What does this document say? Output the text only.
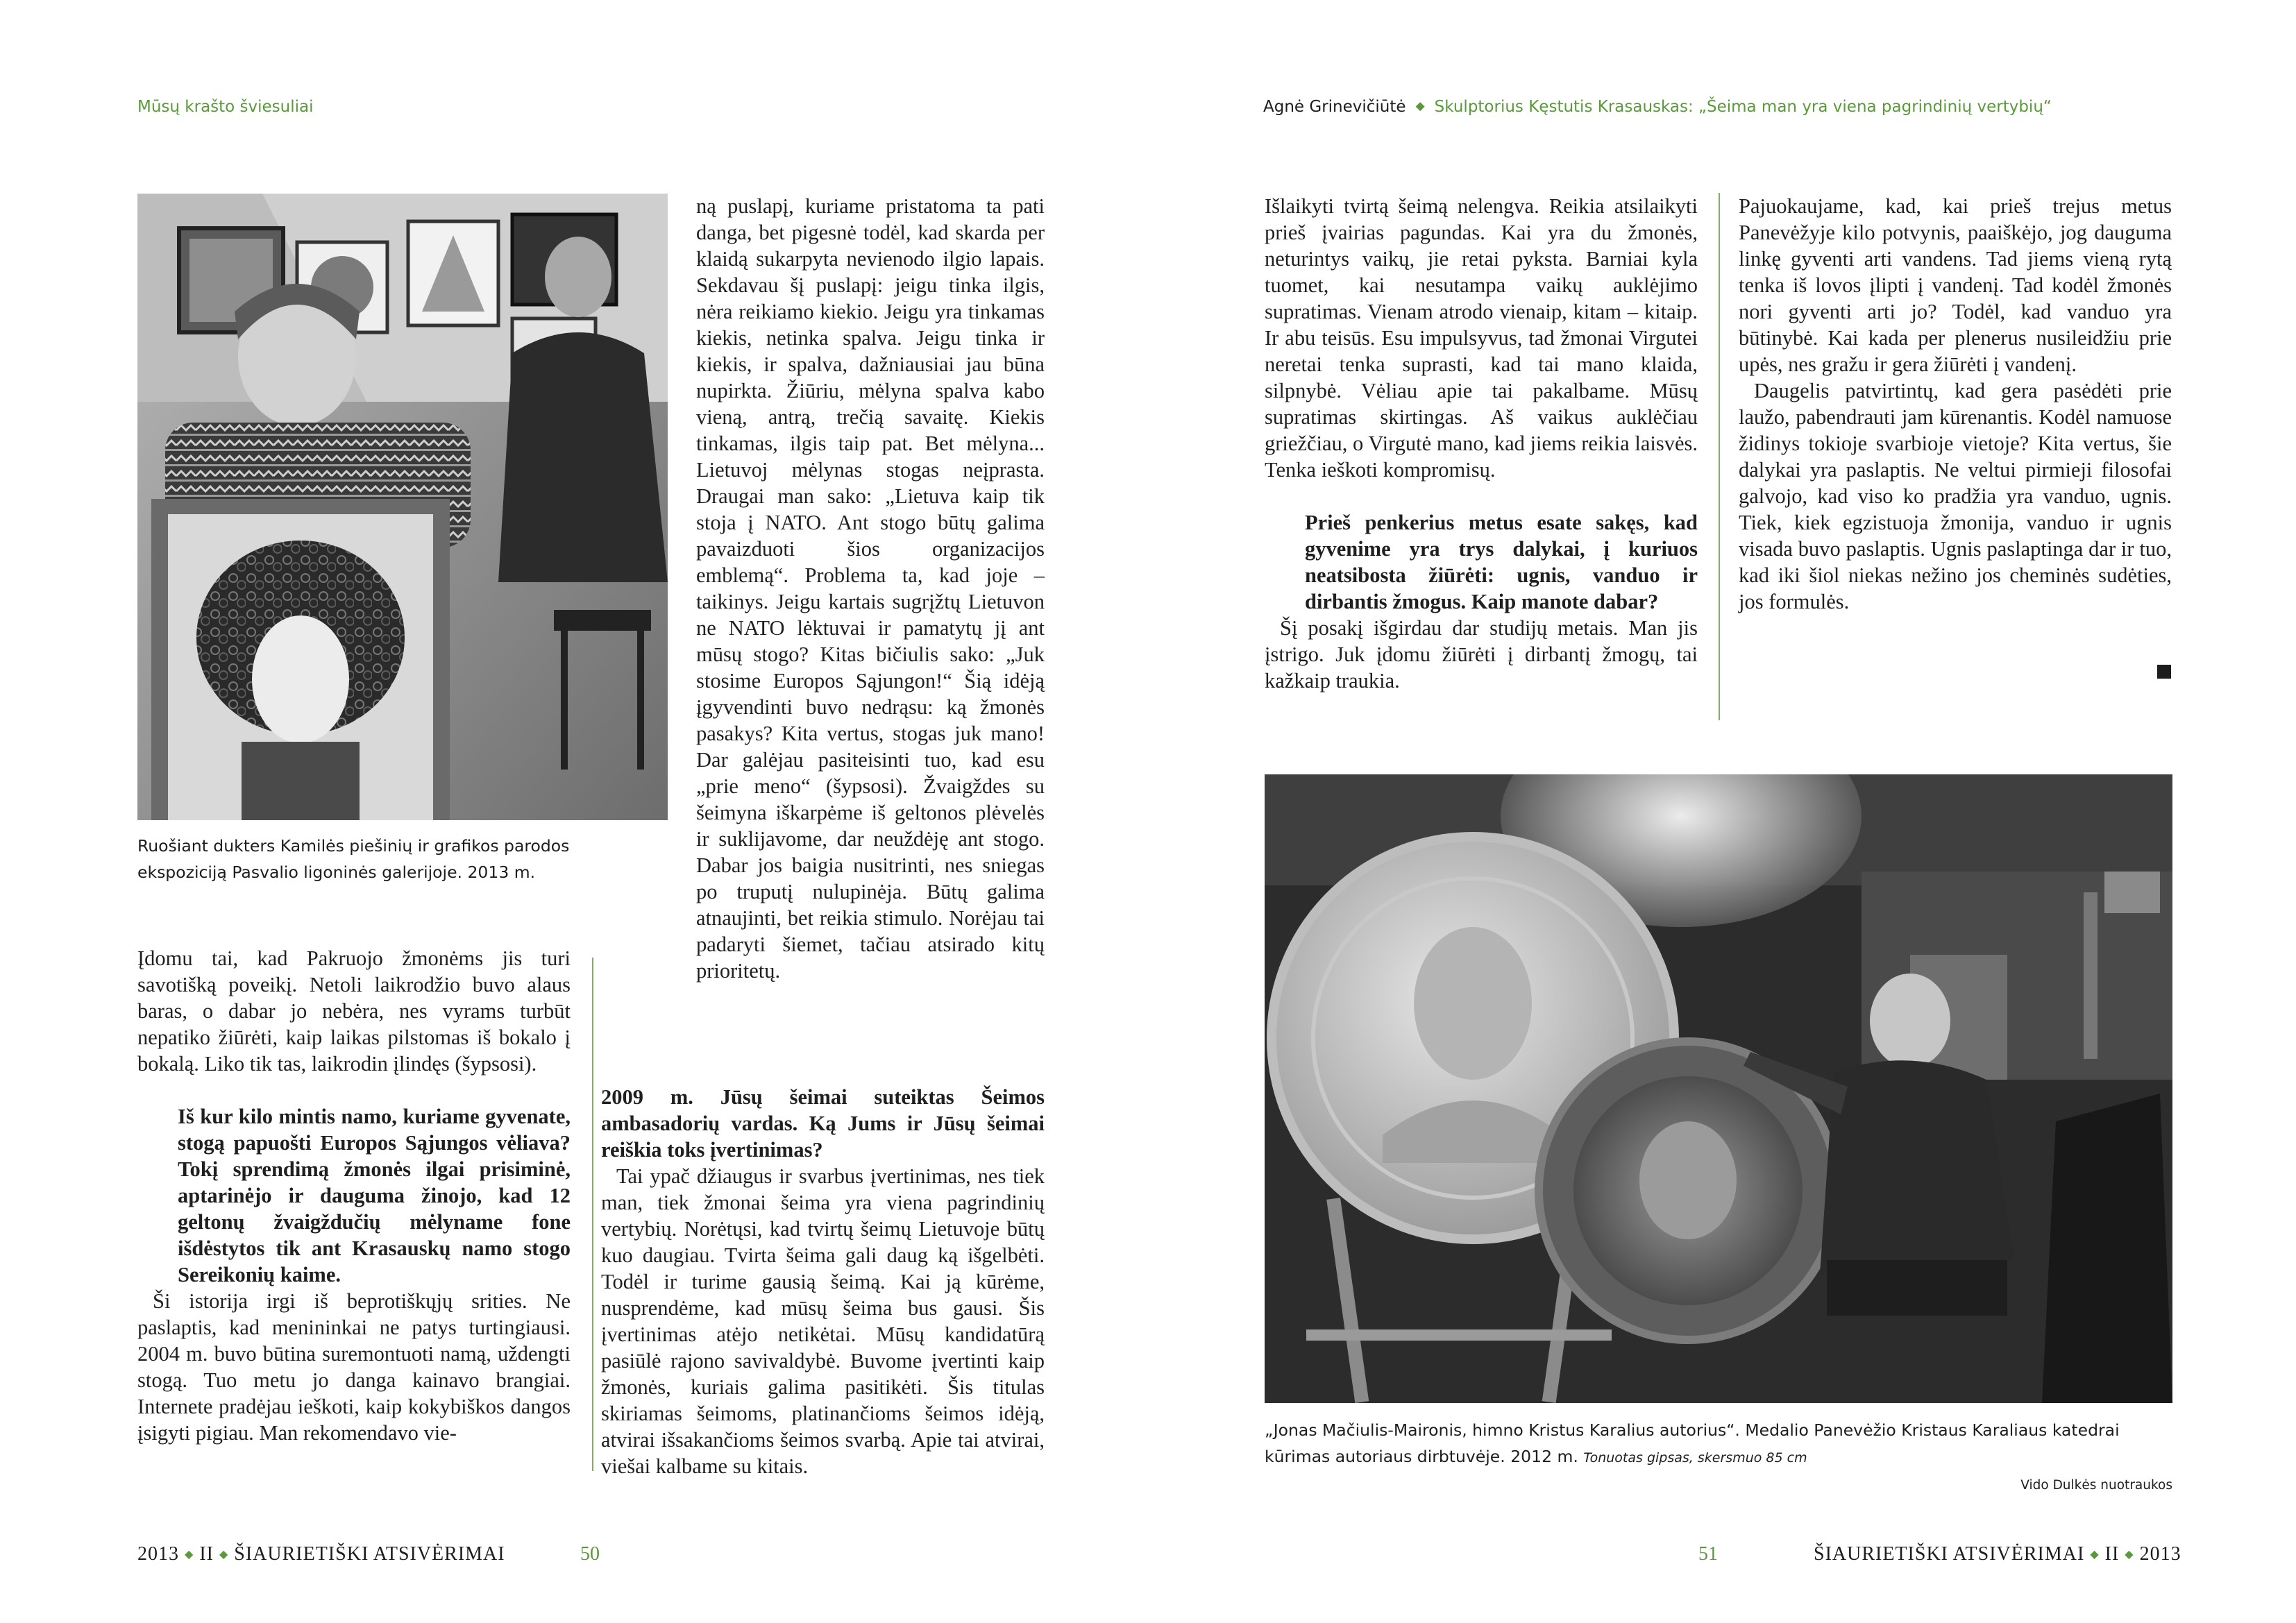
Mūsų krašto šviesuliai
Ruošiant dukters Kamilės piešinių ir grafikos parodos ekspoziciją Pasvalio ligoninės galerijoje. 2013 m.

Įdomu tai, kad Pakruojo žmonėms jis turi savotišką poveikį. Netoli laikrodžio buvo alaus baras, o dabar jo nebėra, nes vyrams turbūt nepatiko žiūrėti, kaip laikas pilstomas iš bokalo į bokalą. Liko tik tas, laikrodin įlindęs (šypsosi).

Iš kur kilo mintis namo, kuriame gyvenate, stogą papuošti Europos Sąjungos vėliava? Tokį sprendimą žmonės ilgai prisiminė, aptarinėjo ir dauguma žinojo, kad 12 geltonų žvaigždučių mėlyname fone išdėstytos tik ant Krasauskų namo stogo Sereikonių kaime.

Ši istorija irgi iš beprotiškųjų srities. Ne paslaptis, kad menininkai ne patys turtingiausi. 2004 m. buvo būtina suremontuoti namą, uždengti stogą. Tuo metu jo danga kainavo brangiai. Internete pradėjau ieškoti, kaip kokybiškos dangos įsigyti pigiau. Man rekomendavo vie-

ną puslapį, kuriame pristatoma ta pati danga, bet pigesnė todėl, kad skarda per klaidą sukarpyta nevienodo ilgio lapais. Sekdavau šį puslapį: jeigu tinka ilgis, nėra reikiamo kiekio. Jeigu yra tinkamas kiekis, netinka spalva. Jeigu tinka ir kiekis, ir spalva, dažniausiai jau būna nupirkta. Žiūriu, mėlyna spalva kabo vieną, antrą, trečią savaitę. Kiekis tinkamas, ilgis taip pat. Bet mėlyna... Lietuvoj mėlynas stogas neįprasta. Draugai man sako: „Lietuva kaip tik stoja į NATO. Ant stogo būtų galima pavaizduoti šios organizacijos emblemą“. Problema ta, kad joje – taikinys. Jeigu kartais sugrįžtų Lietuvon ne NATO lėktuvai ir pamatytų jį ant mūsų stogo? Kitas bičiulis sako: „Juk stosime Europos Sąjungon!“ Šią idėją įgyvendinti buvo nedrąsu: ką žmonės pasakys? Kita vertus, stogas juk mano! Dar galėjau pasiteisinti tuo, kad esu „prie meno“ (šypsosi). Žvaigždes su šeimyna iškarpėme iš geltonos plėvelės ir suklijavome, dar neuždėję ant stogo. Dabar jos baigia nusitrinti, nes sniegas po truputį nulupinėja. Būtų galima atnaujinti, bet reikia stimulo. Norėjau tai padaryti šiemet, tačiau atsirado kitų prioritetų.

2009 m. Jūsų šeimai suteiktas Šeimos ambasadorių vardas. Ką Jums ir Jūsų šeimai reiškia toks įvertinimas?

Tai ypač džiaugus ir svarbus įvertinimas, nes tiek man, tiek žmonai šeima yra viena pagrindinių vertybių. Norėtųsi, kad tvirtų šeimų Lietuvoje būtų kuo daugiau. Tvirta šeima gali daug ką išgelbėti. Todėl ir turime gausią šeimą. Kai ją kūrėme, nusprendėme, kad mūsų šeima bus gausi. Šis įvertinimas atėjo netikėtai. Mūsų kandidatūrą pasiūlė rajono savivaldybė. Buvome įvertinti kaip žmonės, kuriais galima pasitikėti. Šis titulas skiriamas šeimoms, platinančioms šeimos idėją, atvirai išsakančioms šeimos svarbą. Apie tai atvirai, viešai kalbame su kitais.

2013 ◆ II ◆ ŠIAURIETIŠKI ATSIVĖRIMAI	50
Agnė Grinevičiūtė ◆ Skulptorius Kęstutis Krasauskas: „Šeima man yra viena pagrindinių vertybių“

Išlaikyti tvirtą šeimą nelengva. Reikia atsilaikyti prieš įvairias pagundas. Kai yra du žmonės, neturintys vaikų, jie retai pyksta. Barniai kyla tuomet, kai nesutampa vaikų auklėjimo supratimas. Vienam atrodo vienaip, kitam – kitaip. Ir abu teisūs. Esu impulsyvus, tad žmonai Virgutei neretai tenka suprasti, kad tai mano klaida, silpnybė. Vėliau apie tai pakalbame. Mūsų supratimas skirtingas. Aš vaikus auklėčiau griežčiau, o Virgutė mano, kad jiems reikia laisvės. Tenka ieškoti kompromisų.

Prieš penkerius metus esate sakęs, kad gyvenime yra trys dalykai, į kuriuos neatsibosta žiūrėti: ugnis, vanduo ir dirbantis žmogus. Kaip manote dabar?

Šį posakį išgirdau dar studijų metais. Man jis įstrigo. Juk įdomu žiūrėti į dirbantį žmogų, tai kažkaip traukia.

Pajuokaujame, kad, kai prieš trejus metus Panevėžyje kilo potvynis, paaiškėjo, jog dauguma linkę gyventi arti vandens. Tad jiems vieną rytą tenka iš lovos įlipti į vandenį. Tad kodėl žmonės nori gyventi arti jo? Todėl, kad vanduo yra būtinybė. Kai kada per plenerus nusileidžiu prie upės, nes gražu ir gera žiūrėti į vandenį.

Daugelis patvirtintų, kad gera pasėdėti prie laužo, pabendrauti jam kūrenantis. Kodėl namuose židinys tokioje svarbioje vietoje? Kita vertus, šie dalykai yra paslaptis. Ne veltui pirmieji filosofai galvojo, kad viso ko pradžia yra vanduo, ugnis. Tiek, kiek egzistuoja žmonija, vanduo ir ugnis visada buvo paslaptis. Ugnis paslaptinga dar ir tuo, kad iki šiol niekas nežino jos cheminės sudėties, jos formulės.

„Jonas Mačiulis-Maironis, himno Kristus Karalius autorius“. Medalio Panevėžio Kristaus Karaliaus katedrai kūrimas autoriaus dirbtuvėje. 2012 m. Tonuotas gipsas, skersmuo 85 cm
Vido Dulkės nuotraukos
51	ŠIAURIETIŠKI ATSIVĖRIMAI ◆ II ◆ 2013
